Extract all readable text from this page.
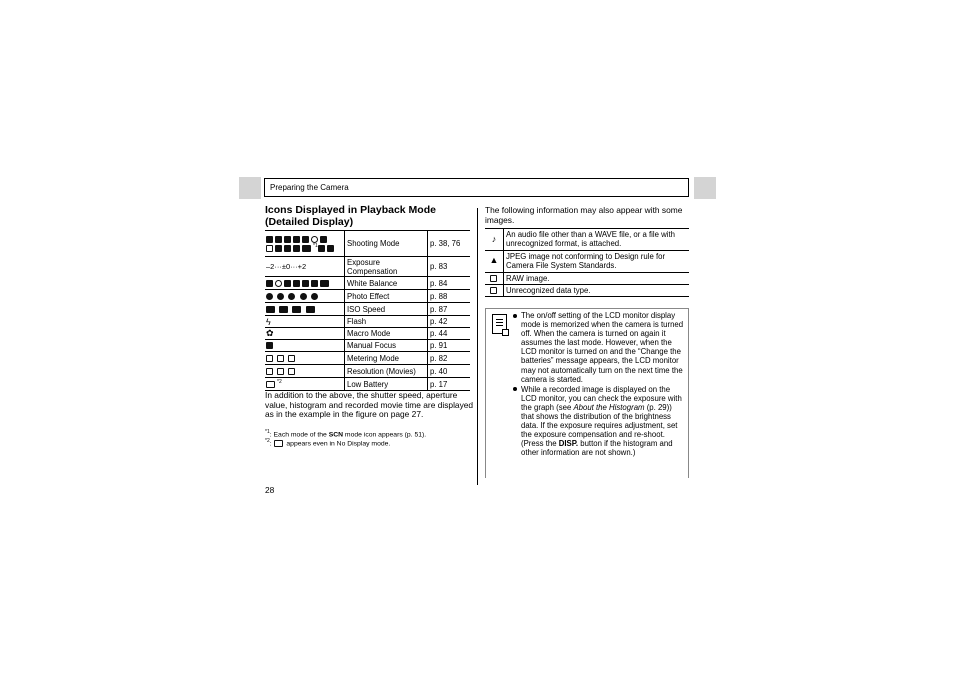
Preparing the Camera
Icons Displayed in Playback Mode (Detailed Display)

$^{*1}$	Shooting Mode	p. 38, 76
–2···±0···+2	Exposure Compensation	p. 83
	White Balance	p. 84
	Photo Effect	p. 88
	ISO Speed	p. 87
ϟ	Flash	p. 42
✿	Macro Mode	p. 44
	Manual Focus	p. 91
	Metering Mode	p. 82
	Resolution (Movies)	p. 40
$^{*2}$	Low Battery	p. 17
In addition to the above, the shutter speed, aperture value, histogram and recorded movie time are displayed as in the example in the figure on page 27.
$^{*1}$: Each mode of the SCN mode icon appears (p. 51).
$^{*2}$:  appears even in No Display mode.
28
The following information may also appear with some images.
♪	An audio file other than a WAVE file, or a file with unrecognized format, is attached.
▲	JPEG image not conforming to Design rule for Camera File System Standards.
	RAW image.
	Unrecognized data type.
The on/off setting of the LCD monitor display mode is memorized when the camera is turned off. When the camera is turned on again it assumes the last mode. However, when the LCD monitor is turned on and the “Change the batteries” message appears, the LCD monitor may not automatically turn on the next time the camera is started.
While a recorded image is displayed on the LCD monitor, you can check the exposure with the graph (see About the Histogram (p. 29)) that shows the distribution of the brightness data. If the exposure requires adjustment, set the exposure compensation and re-shoot. (Press the DISP. button if the histogram and other information are not shown.)
